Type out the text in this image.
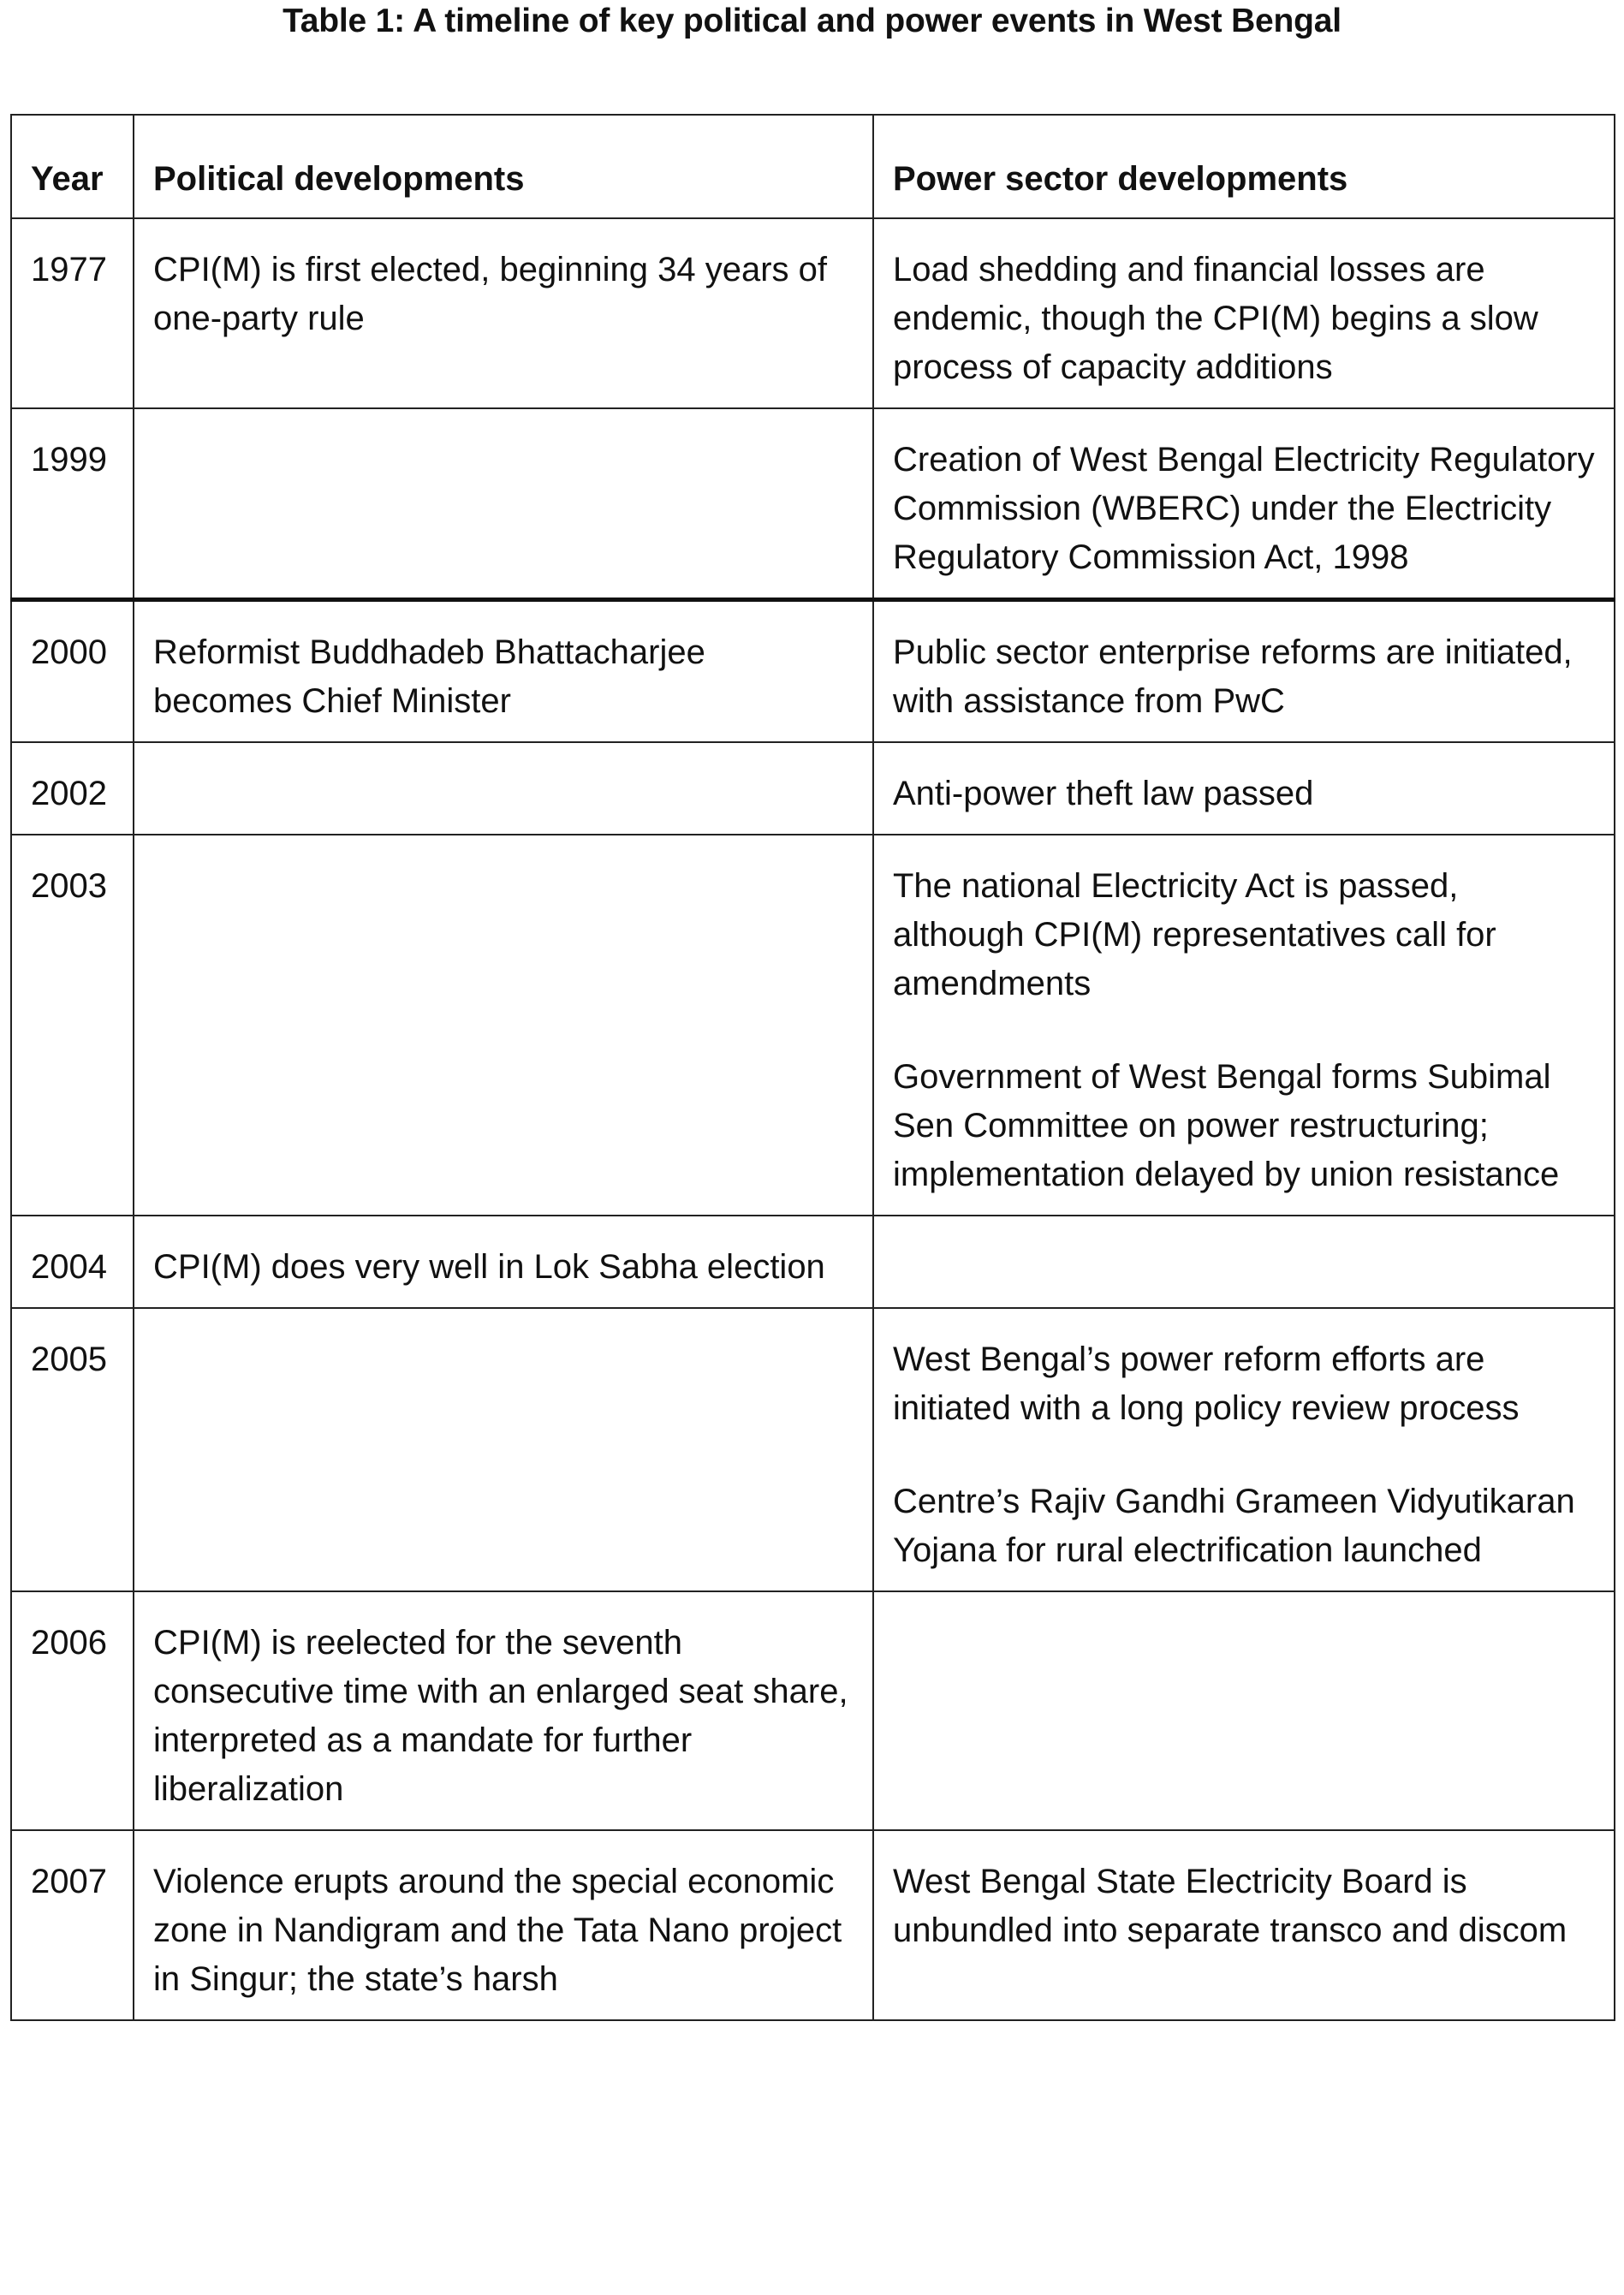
Table 1: A timeline of key political and power events in West Bengal
Year	Political developments	Power sector developments
1977	CPI(M) is first elected, beginning 34 years of one-party rule	Load shedding and financial losses are endemic, though the CPI(M) begins a slow process of capacity additions

1999		Creation of West Bengal Electricity Regulatory Commission (WBERC) under the Electricity Regulatory Commission Act, 1998

2000	Reformist Buddhadeb Bhattacharjee becomes Chief Minister	Public sector enterprise reforms are initiated, with assistance from PwC

2002		Anti-power theft law passed

2003		The national Electricity Act is passed, although CPI(M) representatives call for amendments
Government of West Bengal forms Subimal Sen Committee on power restructuring; implementation delayed by union resistance

2004	CPI(M) does very well in Lok Sabha election	

2005		West Bengal’s power reform efforts are initiated with a long policy review process
Centre’s Rajiv Gandhi Grameen Vidyutikaran Yojana for rural electrification launched

2006	CPI(M) is reelected for the seventh consecutive time with an enlarged seat share, interpreted as a mandate for further liberalization	

2007	Violence erupts around the special economic zone in Nandigram and the Tata Nano project in Singur; the state’s harsh	West Bengal State Electricity Board is unbundled into separate transco and discom
